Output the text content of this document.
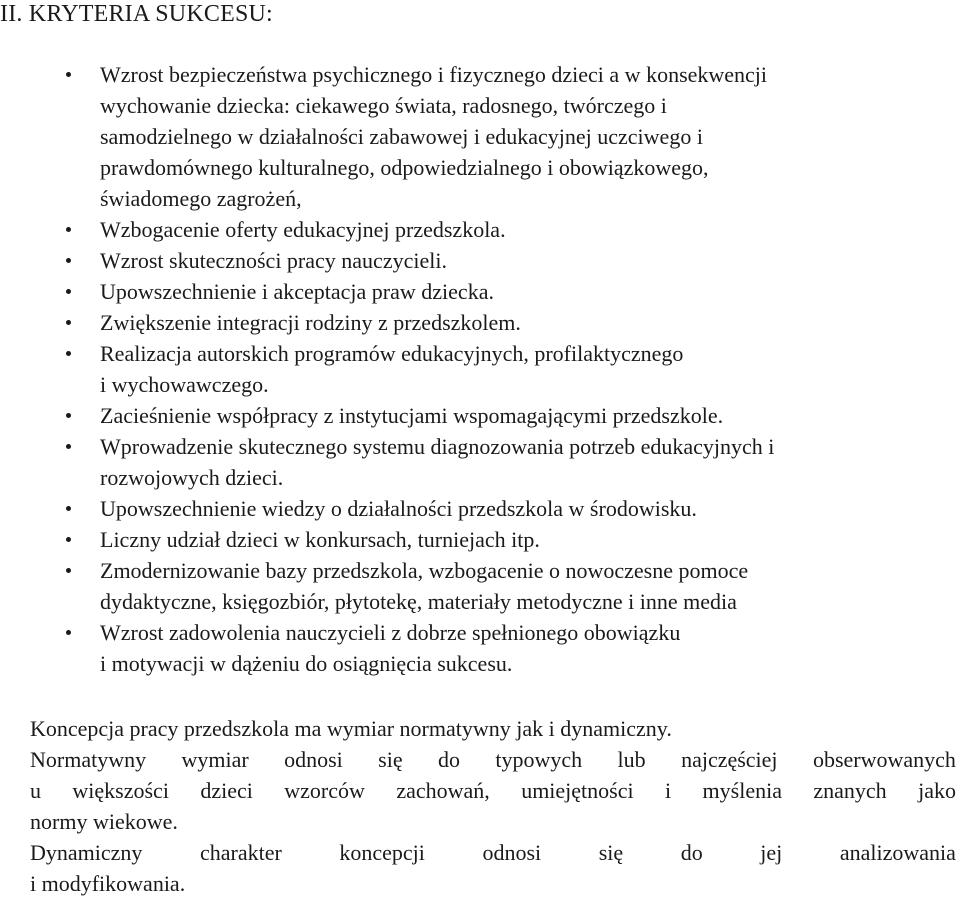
II. KRYTERIA SUKCESU:
Wzrost bezpieczeństwa psychicznego i fizycznego dzieci a w konsekwencji
wychowanie dziecka: ciekawego świata, radosnego, twórczego i
samodzielnego w działalności zabawowej i edukacyjnej uczciwego i
prawdomównego kulturalnego, odpowiedzialnego i obowiązkowego,
świadomego zagrożeń,
Wzbogacenie oferty edukacyjnej przedszkola.
Wzrost skuteczności pracy nauczycieli.
Upowszechnienie i akceptacja praw dziecka.
Zwiększenie integracji rodziny z przedszkolem.
Realizacja autorskich programów edukacyjnych, profilaktycznego
i wychowawczego.
Zacieśnienie współpracy z instytucjami wspomagającymi przedszkole.
Wprowadzenie skutecznego systemu diagnozowania potrzeb edukacyjnych i
rozwojowych dzieci.
Upowszechnienie wiedzy o działalności przedszkola w środowisku.
Liczny udział dzieci w konkursach, turniejach itp.
Zmodernizowanie bazy przedszkola, wzbogacenie o nowoczesne pomoce
dydaktyczne, księgozbiór, płytotekę, materiały metodyczne i inne media
Wzrost zadowolenia nauczycieli z dobrze spełnionego obowiązku
i motywacji w dążeniu do osiągnięcia sukcesu.
Koncepcja pracy przedszkola ma wymiar normatywny jak i dynamiczny.
Normatywny wymiar odnosi się do typowych lub najczęściej obserwowanych
u większości dzieci wzorców zachowań, umiejętności i myślenia znanych jako
normy wiekowe.
Dynamiczny	charakter	koncepcji	odnosi	się	do	jej	analizowania
i modyfikowania.
